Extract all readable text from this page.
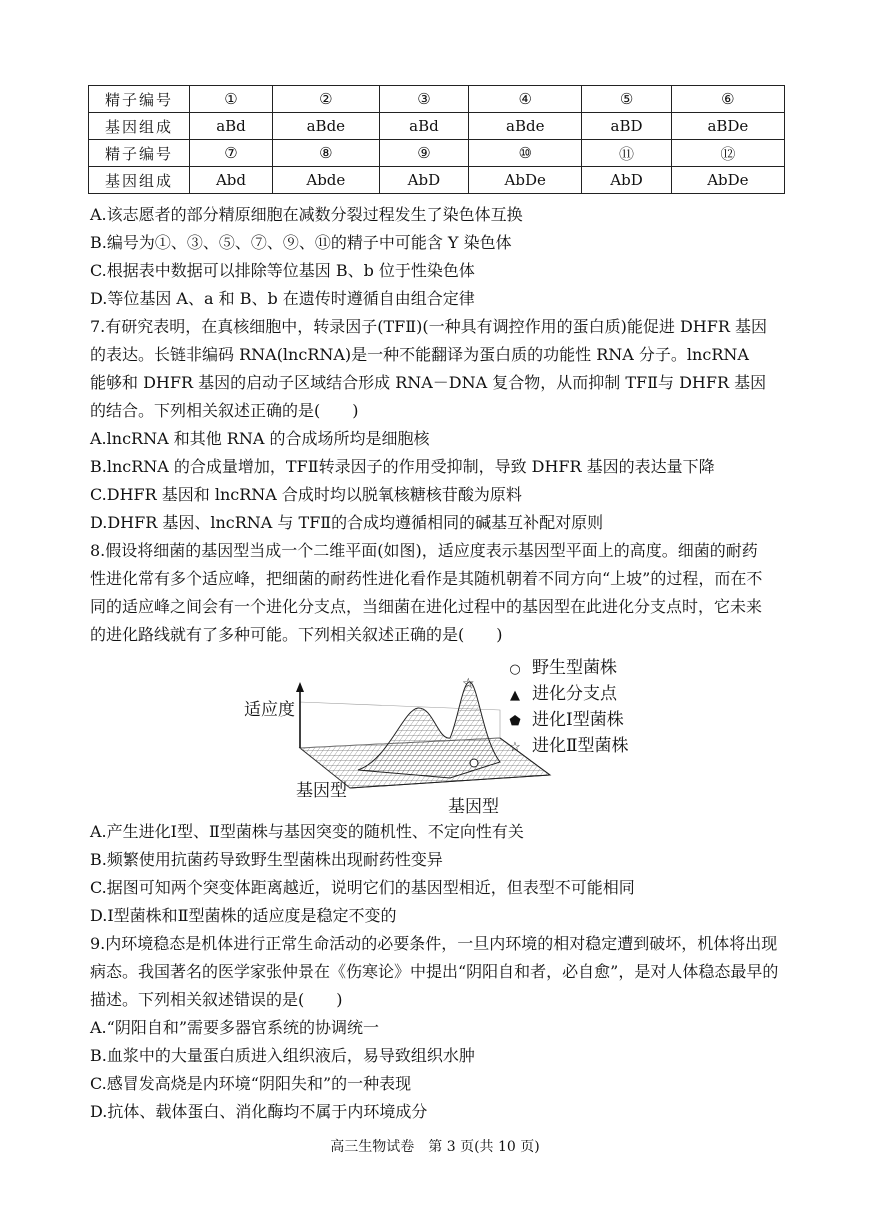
精子编号	①	②	③	④	⑤	⑥
基因组成	aBd	aBde	aBd	aBde	aBD	aBDe
精子编号	⑦	⑧	⑨	⑩	⑪	⑫
基因组成	Abd	Abde	AbD	AbDe	AbD	AbDe
A.该志愿者的部分精原细胞在减数分裂过程发生了染色体互换
B.编号为①、③、⑤、⑦、⑨、⑪的精子中可能含 Y 染色体
C.根据表中数据可以排除等位基因 B、b 位于性染色体
D.等位基因 A、a 和 B、b 在遗传时遵循自由组合定律
7.有研究表明，在真核细胞中，转录因子(TFⅡ)(一种具有调控作用的蛋白质)能促进 DHFR 基因
的表达。长链非编码 RNA(lncRNA)是一种不能翻译为蛋白质的功能性 RNA 分子。lncRNA
能够和 DHFR 基因的启动子区域结合形成 RNA－DNA 复合物，从而抑制 TFⅡ与 DHFR 基因
的结合。下列相关叙述正确的是(　　)
A.lncRNA 和其他 RNA 的合成场所均是细胞核
B.lncRNA 的合成量增加，TFⅡ转录因子的作用受抑制，导致 DHFR 基因的表达量下降
C.DHFR 基因和 lncRNA 合成时均以脱氧核糖核苷酸为原料
D.DHFR 基因、lncRNA 与 TFⅡ的合成均遵循相同的碱基互补配对原则
8.假设将细菌的基因型当成一个二维平面(如图)，适应度表示基因型平面上的高度。细菌的耐药
性进化常有多个适应峰，把细菌的耐药性进化看作是其随机朝着不同方向“上坡”的过程，而在不
同的适应峰之间会有一个进化分支点，当细菌在进化过程中的基因型在此进化分支点时，它未来
的进化路线就有了多种可能。下列相关叙述正确的是(　　)
☆
适应度
基因型
基因型
○ 野生型菌株
▲ 进化分支点
⬟ 进化Ⅰ型菌株
☆ 进化Ⅱ型菌株
A.产生进化Ⅰ型、Ⅱ型菌株与基因突变的随机性、不定向性有关
B.频繁使用抗菌药导致野生型菌株出现耐药性变异
C.据图可知两个突变体距离越近，说明它们的基因型相近，但表型不可能相同
D.Ⅰ型菌株和Ⅱ型菌株的适应度是稳定不变的
9.内环境稳态是机体进行正常生命活动的必要条件，一旦内环境的相对稳定遭到破坏，机体将出现
病态。我国著名的医学家张仲景在《伤寒论》中提出“阴阳自和者，必自愈”，是对人体稳态最早的
描述。下列相关叙述错误的是(　　)
A.“阴阳自和”需要多器官系统的协调统一
B.血浆中的大量蛋白质进入组织液后，易导致组织水肿
C.感冒发高烧是内环境“阴阳失和”的一种表现
D.抗体、载体蛋白、消化酶均不属于内环境成分
高三生物试卷　第 3 页(共 10 页)
